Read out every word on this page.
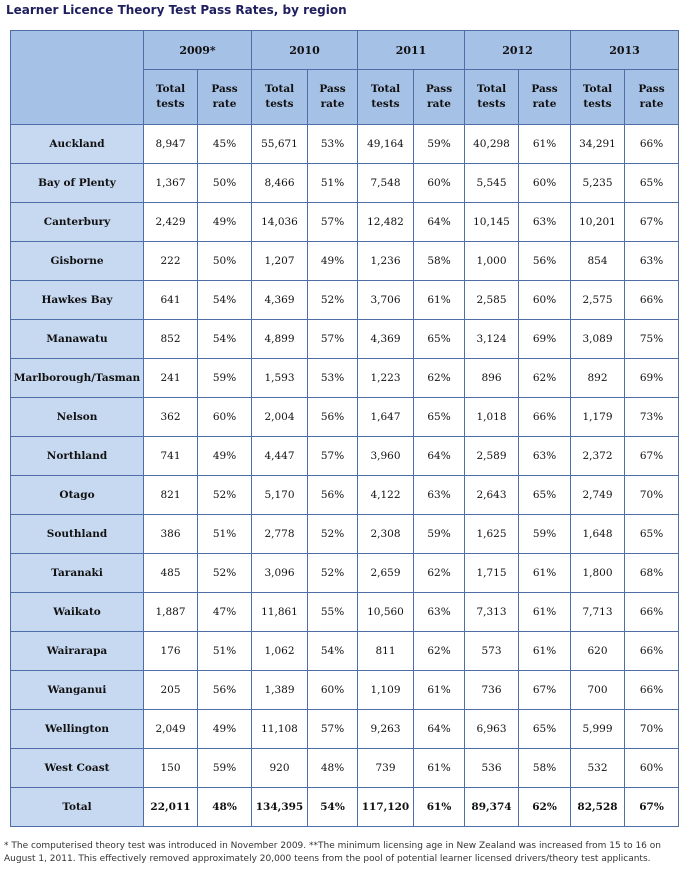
Learner Licence Theory Test Pass Rates, by region
	2009*		2010		2011		2012		2013	
	Total tests	Pass rate	Total tests	Pass rate	Total tests	Pass rate	Total tests	Pass rate	Total tests	Pass rate
Auckland	8,947	45%	55,671	53%	49,164	59%	40,298	61%	34,291	66%
Bay of Plenty	1,367	50%	8,466	51%	7,548	60%	5,545	60%	5,235	65%
Canterbury	2,429	49%	14,036	57%	12,482	64%	10,145	63%	10,201	67%
Gisborne	222	50%	1,207	49%	1,236	58%	1,000	56%	854	63%
Hawkes Bay	641	54%	4,369	52%	3,706	61%	2,585	60%	2,575	66%
Manawatu	852	54%	4,899	57%	4,369	65%	3,124	69%	3,089	75%
Marlborough/Tasman	241	59%	1,593	53%	1,223	62%	896	62%	892	69%
Nelson	362	60%	2,004	56%	1,647	65%	1,018	66%	1,179	73%
Northland	741	49%	4,447	57%	3,960	64%	2,589	63%	2,372	67%
Otago	821	52%	5,170	56%	4,122	63%	2,643	65%	2,749	70%
Southland	386	51%	2,778	52%	2,308	59%	1,625	59%	1,648	65%
Taranaki	485	52%	3,096	52%	2,659	62%	1,715	61%	1,800	68%
Waikato	1,887	47%	11,861	55%	10,560	63%	7,313	61%	7,713	66%
Wairarapa	176	51%	1,062	54%	811	62%	573	61%	620	66%
Wanganui	205	56%	1,389	60%	1,109	61%	736	67%	700	66%
Wellington	2,049	49%	11,108	57%	9,263	64%	6,963	65%	5,999	70%
West Coast	150	59%	920	48%	739	61%	536	58%	532	60%
Total	22,011	48%	134,395	54%	117,120	61%	89,374	62%	82,528	67%
* The computerised theory test was introduced in November 2009. **The minimum licensing age in New Zealand was increased from 15 to 16 on August 1, 2011. This effectively removed approximately 20,000 teens from the pool of potential learner licensed drivers/theory test applicants.
